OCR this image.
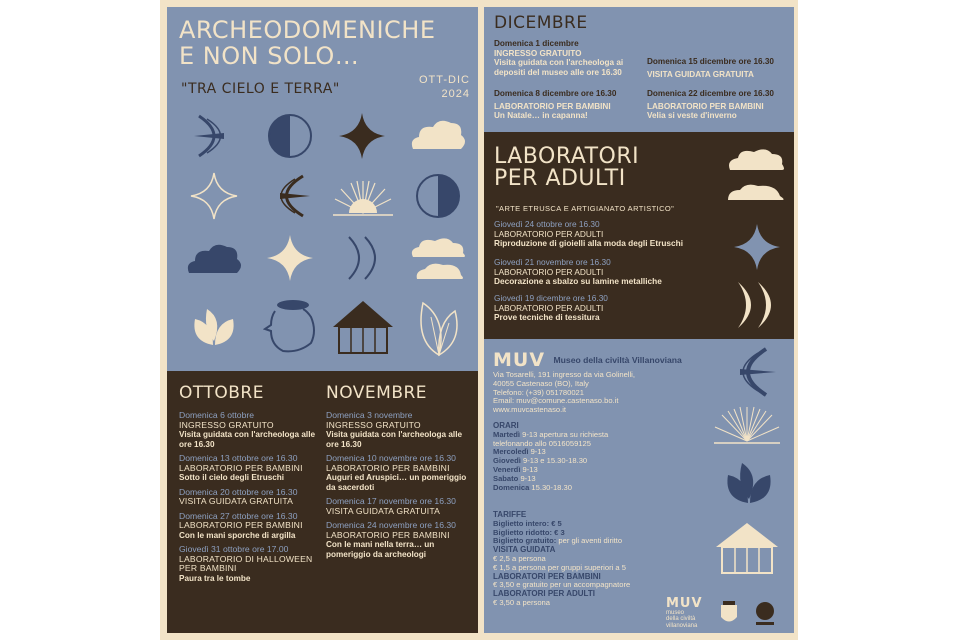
ARCHEODOMENICHE
E NON SOLO…
"TRA CIELO E TERRA"
OTT-DIC
2024
OTTOBRE
Domenica 6 ottobre
INGRESSO GRATUITO
Visita guidata con l'archeologa alle ore 16.30
Domenica 13 ottobre ore 16.30
LABORATORIO PER BAMBINI
Sotto il cielo degli Etruschi
Domenica 20 ottobre ore 16.30
VISITA GUIDATA GRATUITA
Domenica 27 ottobre ore 16.30
LABORATORIO PER BAMBINI
Con le mani sporche di argilla
Giovedì 31 ottobre ore 17.00
LABORATORIO DI HALLOWEEN PER BAMBINI
Paura tra le tombe
NOVEMBRE
Domenica 3 novembre
INGRESSO GRATUITO
Visita guidata con l'archeologa alle ore 16.30
Domenica 10 novembre ore 16.30
LABORATORIO PER BAMBINI
Auguri ed Aruspici… un pomeriggio da sacerdoti
Domenica 17 novembre ore 16.30
VISITA GUIDATA GRATUITA
Domenica 24 novembre ore 16.30
LABORATORIO PER BAMBINI
Con le mani nella terra… un pomeriggio da archeologi
DICEMBRE
Domenica 1 dicembre
INGRESSO GRATUITO
Visita guidata con l'archeologa ai depositi del museo alle ore 16.30
Domenica 8 dicembre ore 16.30
LABORATORIO PER BAMBINI
Un Natale… in capanna!
Domenica 15 dicembre ore 16.30
VISITA GUIDATA GRATUITA
Domenica 22 dicembre ore 16.30
LABORATORIO PER BAMBINI
Velia si veste d'inverno
LABORATORI
PER ADULTI
"ARTE ETRUSCA E ARTIGIANATO ARTISTICO"
Giovedì 24 ottobre ore 16.30
LABORATORIO PER ADULTI
Riproduzione di gioielli alla moda degli Etruschi
Giovedì 21 novembre ore 16.30
LABORATORIO PER ADULTI
Decorazione a sbalzo su lamine metalliche
Giovedì 19 dicembre ore 16.30
LABORATORIO PER ADULTI
Prove tecniche di tessitura
MUV Museo della civiltà Villanoviana
Via Tosarelli, 191 ingresso da via Golinelli,
40055 Castenaso (BO), Italy
Telefono: (+39) 051780021
Email: muv@comune.castenaso.bo.it
www.muvcastenaso.it
ORARI
Martedì 9-13 apertura su richiesta telefonando allo 0516059125
Mercoledì 9-13
Giovedì 9-13 e 15.30-18.30
Venerdì 9-13
Sabato 9-13
Domenica 15.30-18.30
TARIFFE
Biglietto intero: € 5
Biglietto ridotto: € 3
Biglietto gratuito: per gli aventi diritto
VISITA GUIDATA
€ 2,5 a persona
€ 1,5 a persona per gruppi superiori a 5
LABORATORI PER BAMBINI
€ 3,50 e gratuito per un accompagnatore
LABORATORI PER ADULTI
€ 3,50 a persona	MUV
museo
della civiltà
villanoviana
